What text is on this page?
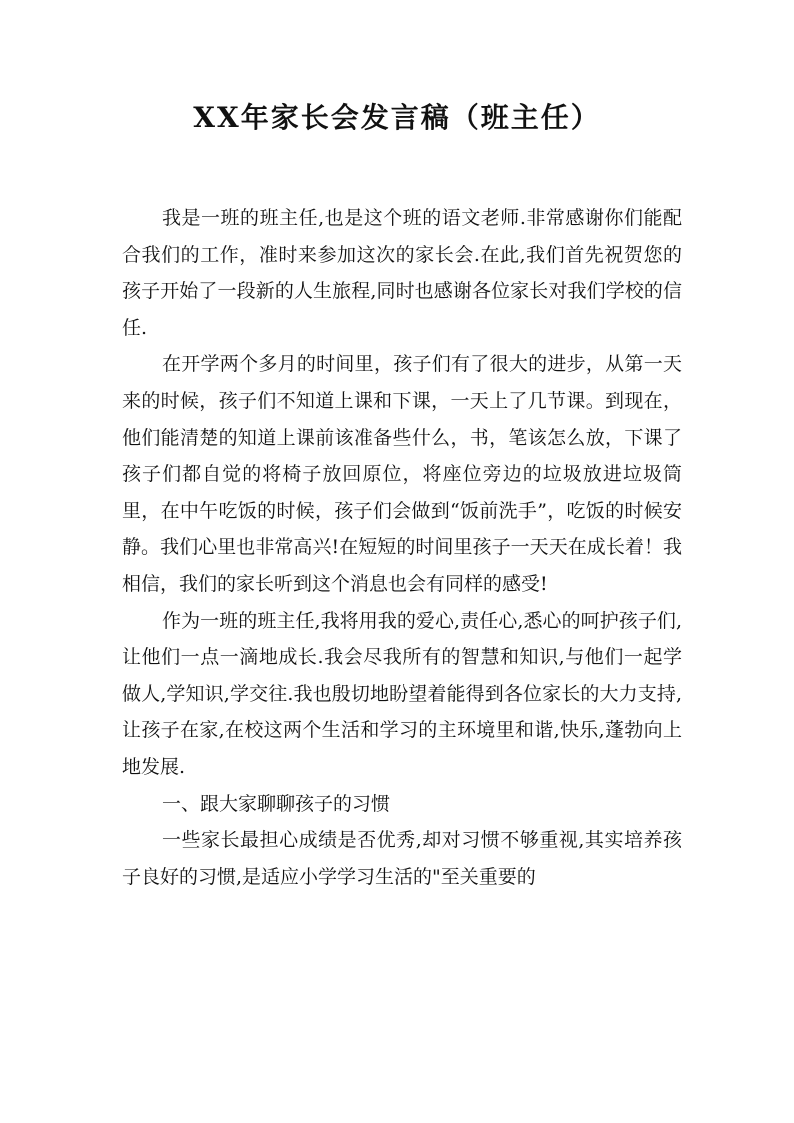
XX年家长会发言稿（班主任）

我是一班的班主任,也是这个班的语文老师.非常感谢你们能配合我们的工作，准时来参加这次的家长会.在此,我们首先祝贺您的孩子开始了一段新的人生旅程,同时也感谢各位家长对我们学校的信任.

在开学两个多月的时间里，孩子们有了很大的进步，从第一天来的时候，孩子们不知道上课和下课，一天上了几节课。到现在，他们能清楚的知道上课前该准备些什么，书，笔该怎么放，下课了孩子们都自觉的将椅子放回原位，将座位旁边的垃圾放进垃圾筒里，在中午吃饭的时候，孩子们会做到“饭前洗手”，吃饭的时候安静。我们心里也非常高兴!在短短的时间里孩子一天天在成长着！我相信，我们的家长听到这个消息也会有同样的感受!

作为一班的班主任,我将用我的爱心,责任心,悉心的呵护孩子们,让他们一点一滴地成长.我会尽我所有的智慧和知识,与他们一起学做人,学知识,学交往.我也殷切地盼望着能得到各位家长的大力支持,让孩子在家,在校这两个生活和学习的主环境里和谐,快乐,蓬勃向上地发展.

一、跟大家聊聊孩子的习惯

一些家长最担心成绩是否优秀,却对习惯不够重视,其实培养孩子良好的习惯,是适应小学学习生活的"至关重要的
